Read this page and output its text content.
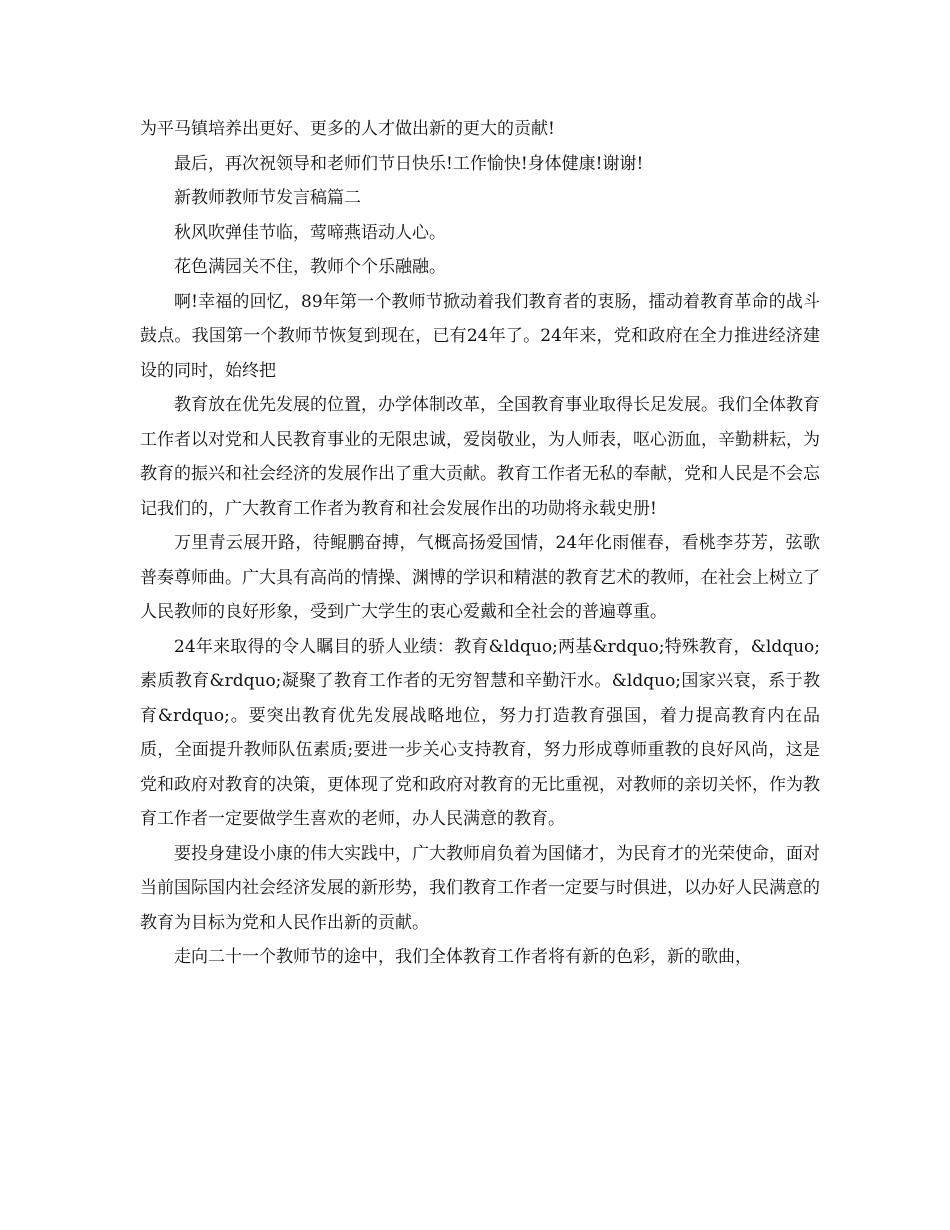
为平马镇培养出更好、更多的人才做出新的更大的贡献!

最后，再次祝领导和老师们节日快乐!工作愉快!身体健康!谢谢!

新教师教师节发言稿篇二

秋风吹弹佳节临，莺啼燕语动人心。

花色满园关不住，教师个个乐融融。

啊!幸福的回忆，89年第一个教师节掀动着我们教育者的衷肠，擂动着教育革命的战斗鼓点。我国第一个教师节恢复到现在，已有24年了。24年来，党和政府在全力推进经济建设的同时，始终把

教育放在优先发展的位置，办学体制改革，全国教育事业取得长足发展。我们全体教育工作者以对党和人民教育事业的无限忠诚，爱岗敬业，为人师表，呕心沥血，辛勤耕耘，为教育的振兴和社会经济的发展作出了重大贡献。教育工作者无私的奉献，党和人民是不会忘记我们的，广大教育工作者为教育和社会发展作出的功勋将永载史册!

万里青云展开路，待鲲鹏奋搏，气概高扬爱国情，24年化雨催春，看桃李芬芳，弦歌普奏尊师曲。广大具有高尚的情操、渊博的学识和精湛的教育艺术的教师，在社会上树立了人民教师的良好形象，受到广大学生的衷心爱戴和全社会的普遍尊重。

24年来取得的令人瞩目的骄人业绩：教育&ldquo;两基&rdquo;特殊教育，&ldquo;素质教育&rdquo;凝聚了教育工作者的无穷智慧和辛勤汗水。&ldquo;国家兴衰，系于教育&rdquo;。要突出教育优先发展战略地位，努力打造教育强国，着力提高教育内在品质，全面提升教师队伍素质;要进一步关心支持教育，努力形成尊师重教的良好风尚，这是党和政府对教育的决策，更体现了党和政府对教育的无比重视，对教师的亲切关怀，作为教育工作者一定要做学生喜欢的老师，办人民满意的教育。

要投身建设小康的伟大实践中，广大教师肩负着为国储才，为民育才的光荣使命，面对当前国际国内社会经济发展的新形势，我们教育工作者一定要与时俱进，以办好人民满意的教育为目标为党和人民作出新的贡献。

走向二十一个教师节的途中，我们全体教育工作者将有新的色彩，新的歌曲，
